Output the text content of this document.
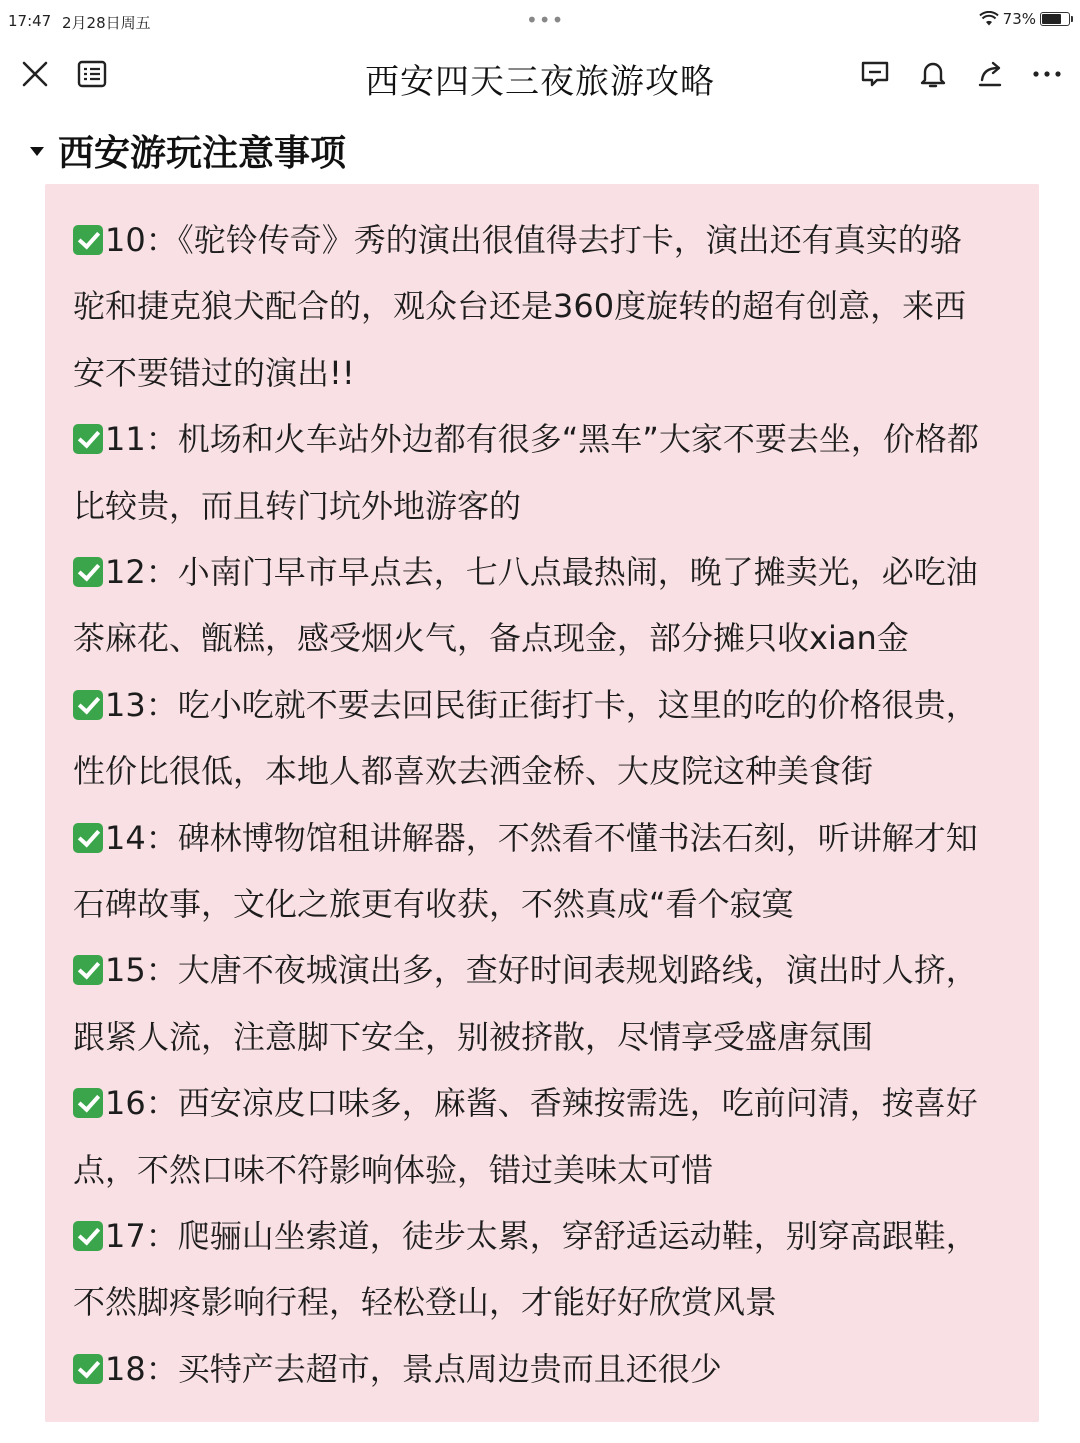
17:47 2月28日周五	•••	73%
西安四天三夜旅游攻略
西安游玩注意事项
10：《驼铃传奇》秀的演出很值得去打卡，演出还有真实的骆
驼和捷克狼犬配合的，观众台还是360度旋转的超有创意，来西
安不要错过的演出!!
11：机场和火车站外边都有很多“黑车”大家不要去坐，价格都
比较贵，而且转门坑外地游客的
12：小南门早市早点去，七八点最热闹，晚了摊卖光，必吃油
茶麻花、甑糕，感受烟火气，备点现金，部分摊只收xian金
13：吃小吃就不要去回民街正街打卡，这里的吃的价格很贵，
性价比很低，本地人都喜欢去洒金桥、大皮院这种美食街
14：碑林博物馆租讲解器，不然看不懂书法石刻，听讲解才知
石碑故事，文化之旅更有收获，不然真成“看个寂寞
15：大唐不夜城演出多，查好时间表规划路线，演出时人挤，
跟紧人流，注意脚下安全，别被挤散，尽情享受盛唐氛围
16：西安凉皮口味多，麻酱、香辣按需选，吃前问清，按喜好
点，不然口味不符影响体验，错过美味太可惜
17：爬骊山坐索道，徒步太累，穿舒适运动鞋，别穿高跟鞋，
不然脚疼影响行程，轻松登山，才能好好欣赏风景
18：买特产去超市，景点周边贵而且还很少
